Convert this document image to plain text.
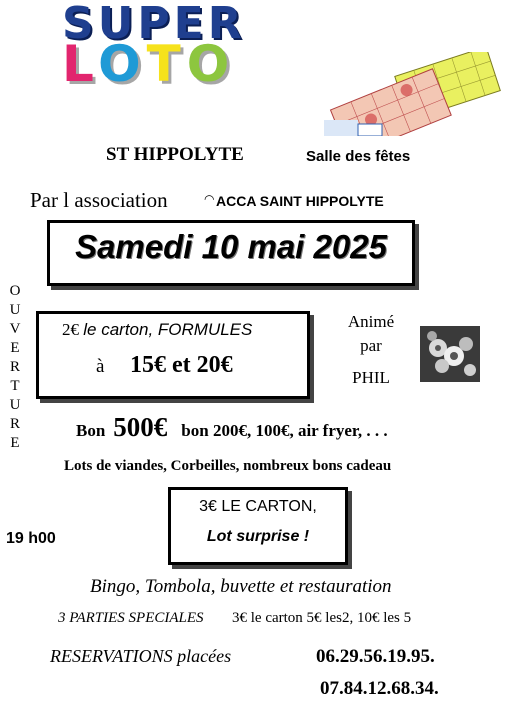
SUPER
LOTO
ST HIPPOLYTE	Salle des fêtes
Par l association	◠ ACCA SAINT HIPPOLYTE
Samedi 10 mai 2025
O
U
V
E
R
T
U
R
E
19 h00
2€ le carton, FORMULES
à 15€ et 20€
Animé
par
PHIL
Bon 500€ bon 200€, 100€, air fryer, . . .
Lots de viandes, Corbeilles, nombreux bons cadeau
3€ LE CARTON,
Lot surprise !
Bingo, Tombola, buvette et restauration
3 PARTIES SPECIALES 3€ le carton 5€ les2, 10€ les 5
RESERVATIONS placées	06.29.56.19.95.
07.84.12.68.34.
